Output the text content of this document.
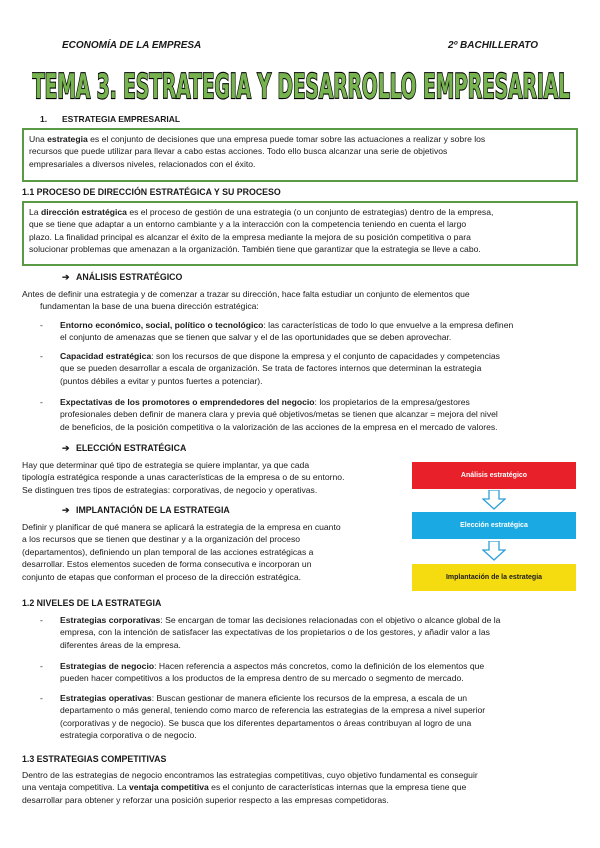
ECONOMÍA DE LA EMPRESA	2º BACHILLERATO
TEMA 3. ESTRATEGIA Y DESARROLLO EMPRESARIAL
1. ESTRATEGIA EMPRESARIAL
Una estrategia es el conjunto de decisiones que una empresa puede tomar sobre las actuaciones a realizar y sobre los
recursos que puede utilizar para llevar a cabo estas acciones. Todo ello busca alcanzar una serie de objetivos
empresariales a diversos niveles, relacionados con el éxito.
1.1 PROCESO DE DIRECCIÓN ESTRATÉGICA Y SU PROCESO
La dirección estratégica es el proceso de gestión de una estrategia (o un conjunto de estrategias) dentro de la empresa,
que se tiene que adaptar a un entorno cambiante y a la interacción con la competencia teniendo en cuenta el largo
plazo. La finalidad principal es alcanzar el éxito de la empresa mediante la mejora de su posición competitiva o para
solucionar problemas que amenazan a la organización. También tiene que garantizar que la estrategia se lleve a cabo.
➔ ANÁLISIS ESTRATÉGICO
Antes de definir una estrategia y de comenzar a trazar su dirección, hace falta estudiar un conjunto de elementos que
fundamentan la base de una buena dirección estratégica:
- Entorno económico, social, político o tecnológico: las características de todo lo que envuelve a la empresa definen
el conjunto de amenazas que se tienen que salvar y el de las oportunidades que se deben aprovechar.
- Capacidad estratégica: son los recursos de que dispone la empresa y el conjunto de capacidades y competencias
que se pueden desarrollar a escala de organización. Se trata de factores internos que determinan la estrategia
(puntos débiles a evitar y puntos fuertes a potenciar).
- Expectativas de los promotores o emprendedores del negocio: los propietarios de la empresa/gestores
profesionales deben definir de manera clara y previa qué objetivos/metas se tienen que alcanzar = mejora del nivel
de beneficios, de la posición competitiva o la valorización de las acciones de la empresa en el mercado de valores.
➔ ELECCIÓN ESTRATÉGICA
Hay que determinar qué tipo de estrategia se quiere implantar, ya que cada
tipología estratégica responde a unas características de la empresa o de su entorno.
Se distinguen tres tipos de estrategias: corporativas, de negocio y operativas.
➔ IMPLANTACIÓN DE LA ESTRATEGIA
Definir y planificar de qué manera se aplicará la estrategia de la empresa en cuanto
a los recursos que se tienen que destinar y a la organización del proceso
(departamentos), definiendo un plan temporal de las acciones estratégicas a
desarrollar. Estos elementos suceden de forma consecutiva e incorporan un
conjunto de etapas que conforman el proceso de la dirección estratégica.
Análisis estratégico
Elección estratégica
Implantación de la estrategia
1.2 NIVELES DE LA ESTRATEGIA
- Estrategias corporativas: Se encargan de tomar las decisiones relacionadas con el objetivo o alcance global de la
empresa, con la intención de satisfacer las expectativas de los propietarios o de los gestores, y añadir valor a las
diferentes áreas de la empresa.
- Estrategias de negocio: Hacen referencia a aspectos más concretos, como la definición de los elementos que
pueden hacer competitivos a los productos de la empresa dentro de su mercado o segmento de mercado.
- Estrategias operativas: Buscan gestionar de manera eficiente los recursos de la empresa, a escala de un
departamento o más general, teniendo como marco de referencia las estrategias de la empresa a nivel superior
(corporativas y de negocio). Se busca que los diferentes departamentos o áreas contribuyan al logro de una
estrategia corporativa o de negocio.
1.3 ESTRATEGIAS COMPETITIVAS
Dentro de las estrategias de negocio encontramos las estrategias competitivas, cuyo objetivo fundamental es conseguir
una ventaja competitiva. La ventaja competitiva es el conjunto de características internas que la empresa tiene que
desarrollar para obtener y reforzar una posición superior respecto a las empresas competidoras.
